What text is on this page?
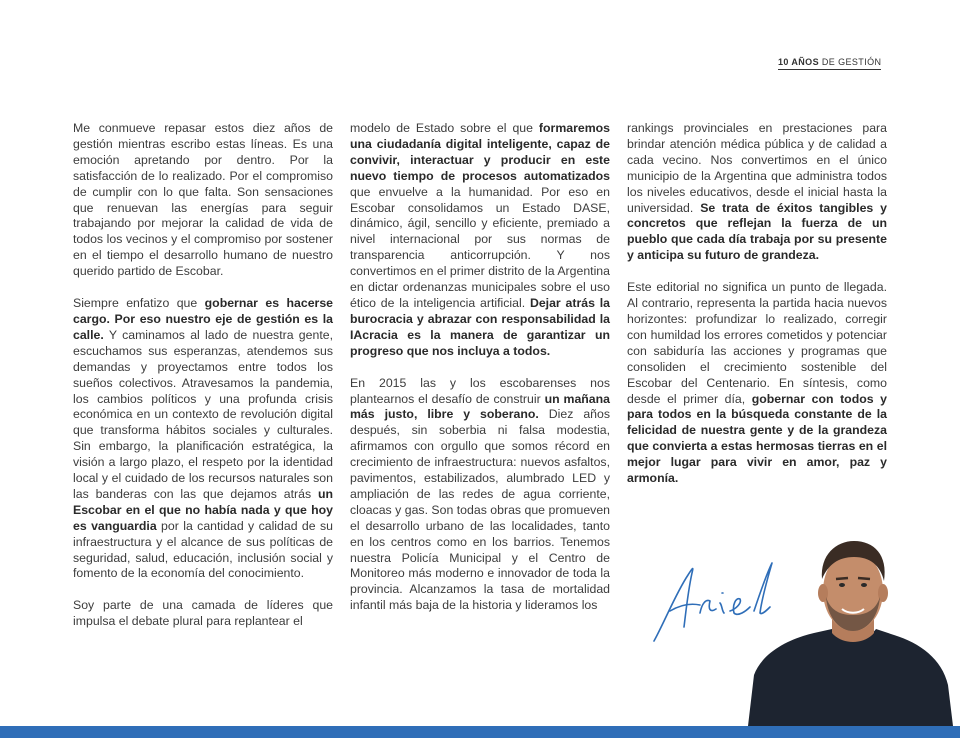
10 AÑOS DE GESTIÓN

Me conmueve repasar estos diez años de gestión mientras escribo estas líneas. Es una emoción apretando por dentro. Por la satisfacción de lo realizado. Por el compromiso de cumplir con lo que falta. Son sensaciones que renuevan las energías para seguir trabajando por mejorar la calidad de vida de todos los vecinos y el compromiso por sostener en el tiempo el desarrollo humano de nuestro querido partido de Escobar.

Siempre enfatizo que gobernar es hacerse cargo. Por eso nuestro eje de gestión es la calle. Y caminamos al lado de nuestra gente, escuchamos sus esperanzas, atendemos sus demandas y proyectamos entre todos los sueños colectivos. Atravesamos la pandemia, los cambios políticos y una profunda crisis económica en un contexto de revolución digital que transforma hábitos sociales y culturales. Sin embargo, la planificación estratégica, la visión a largo plazo, el respeto por la identidad local y el cuidado de los recursos naturales son las banderas con las que dejamos atrás un Escobar en el que no había nada y que hoy es vanguardia por la cantidad y calidad de su infraestructura y el alcance de sus políticas de seguridad, salud, educación, inclusión social y fomento de la economía del conocimiento.

Soy parte de una camada de líderes que impulsa el debate plural para replantear el

modelo de Estado sobre el que formaremos una ciudadanía digital inteligente, capaz de convivir, interactuar y producir en este nuevo tiempo de procesos automatizados que envuelve a la humanidad. Por eso en Escobar consolidamos un Estado DASE, dinámico, ágil, sencillo y eficiente, premiado a nivel internacional por sus normas de transparencia anticorrupción. Y nos convertimos en el primer distrito de la Argentina en dictar ordenanzas municipales sobre el uso ético de la inteligencia artificial. Dejar atrás la burocracia y abrazar con responsabilidad la IAcracia es la manera de garantizar un progreso que nos incluya a todos.

En 2015 las y los escobarenses nos plantearnos el desafío de construir un mañana más justo, libre y soberano. Diez años después, sin soberbia ni falsa modestia, afirmamos con orgullo que somos récord en crecimiento de infraestructura: nuevos asfaltos, pavimentos, estabilizados, alumbrado LED y ampliación de las redes de agua corriente, cloacas y gas. Son todas obras que promueven el desarrollo urbano de las localidades, tanto en los centros como en los barrios. Tenemos nuestra Policía Municipal y el Centro de Monitoreo más moderno e innovador de toda la provincia. Alcanzamos la tasa de mortalidad infantil más baja de la historia y lideramos los

rankings provinciales en prestaciones para brindar atención médica pública y de calidad a cada vecino. Nos convertimos en el único municipio de la Argentina que administra todos los niveles educativos, desde el inicial hasta la universidad. Se trata de éxitos tangibles y concretos que reflejan la fuerza de un pueblo que cada día trabaja por su presente y anticipa su futuro de grandeza.

Este editorial no significa un punto de llegada. Al contrario, representa la partida hacia nuevos horizontes: profundizar lo realizado, corregir con humildad los errores cometidos y potenciar con sabiduría las acciones y programas que consoliden el crecimiento sostenible del Escobar del Centenario. En síntesis, como desde el primer día, gobernar con todos y para todos en la búsqueda constante de la felicidad de nuestra gente y de la grandeza que convierta a estas hermosas tierras en el mejor lugar para vivir en amor, paz y armonía.
